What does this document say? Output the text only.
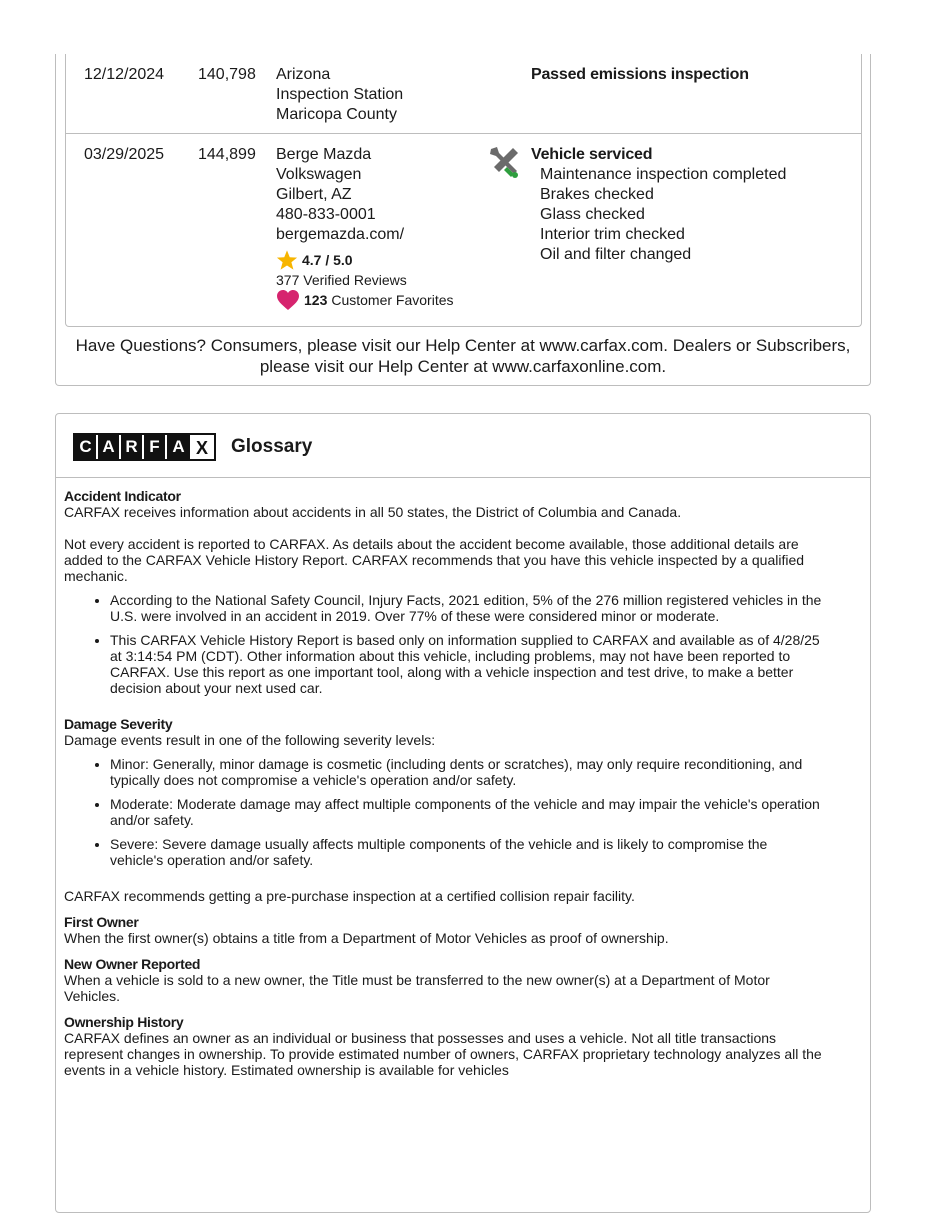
12/12/2024 140,798 Arizona
Inspection Station
Maricopa County
Passed emissions inspection
03/29/2025 144,899 Berge Mazda
Volkswagen
Gilbert, AZ
480-833-0001
bergemazda.com/
4.7 / 5.0
377 Verified Reviews
123 Customer Favorites
Vehicle serviced
Maintenance inspection completed
Brakes checked
Glass checked
Interior trim checked
Oil and filter changed
Have Questions? Consumers, please visit our Help Center at www.carfax.com. Dealers or Subscribers, please visit our Help Center at www.carfaxonline.com.
C A R F A X	Glossary
Accident Indicator

CARFAX receives information about accidents in all 50 states, the District of Columbia and Canada.

Not every accident is reported to CARFAX. As details about the accident become available, those additional details are added to the CARFAX Vehicle History Report. CARFAX recommends that you have this vehicle inspected by a qualified mechanic.

• According to the National Safety Council, Injury Facts, 2021 edition, 5% of the 276 million registered vehicles in the U.S. were involved in an accident in 2019. Over 77% of these were considered minor or moderate.
• This CARFAX Vehicle History Report is based only on information supplied to CARFAX and available as of 4/28/25 at 3:14:54 PM (CDT). Other information about this vehicle, including problems, may not have been reported to CARFAX. Use this report as one important tool, along with a vehicle inspection and test drive, to make a better decision about your next used car.
Damage Severity

Damage events result in one of the following severity levels:

• Minor: Generally, minor damage is cosmetic (including dents or scratches), may only require reconditioning, and typically does not compromise a vehicle's operation and/or safety.
• Moderate: Moderate damage may affect multiple components of the vehicle and may impair the vehicle's operation and/or safety.
• Severe: Severe damage usually affects multiple components of the vehicle and is likely to compromise the vehicle's operation and/or safety.

CARFAX recommends getting a pre-purchase inspection at a certified collision repair facility.

First Owner

When the first owner(s) obtains a title from a Department of Motor Vehicles as proof of ownership.

New Owner Reported

When a vehicle is sold to a new owner, the Title must be transferred to the new owner(s) at a Department of Motor Vehicles.

Ownership History

CARFAX defines an owner as an individual or business that possesses and uses a vehicle. Not all title transactions represent changes in ownership. To provide estimated number of owners, CARFAX proprietary technology analyzes all the events in a vehicle history. Estimated ownership is available for vehicles
